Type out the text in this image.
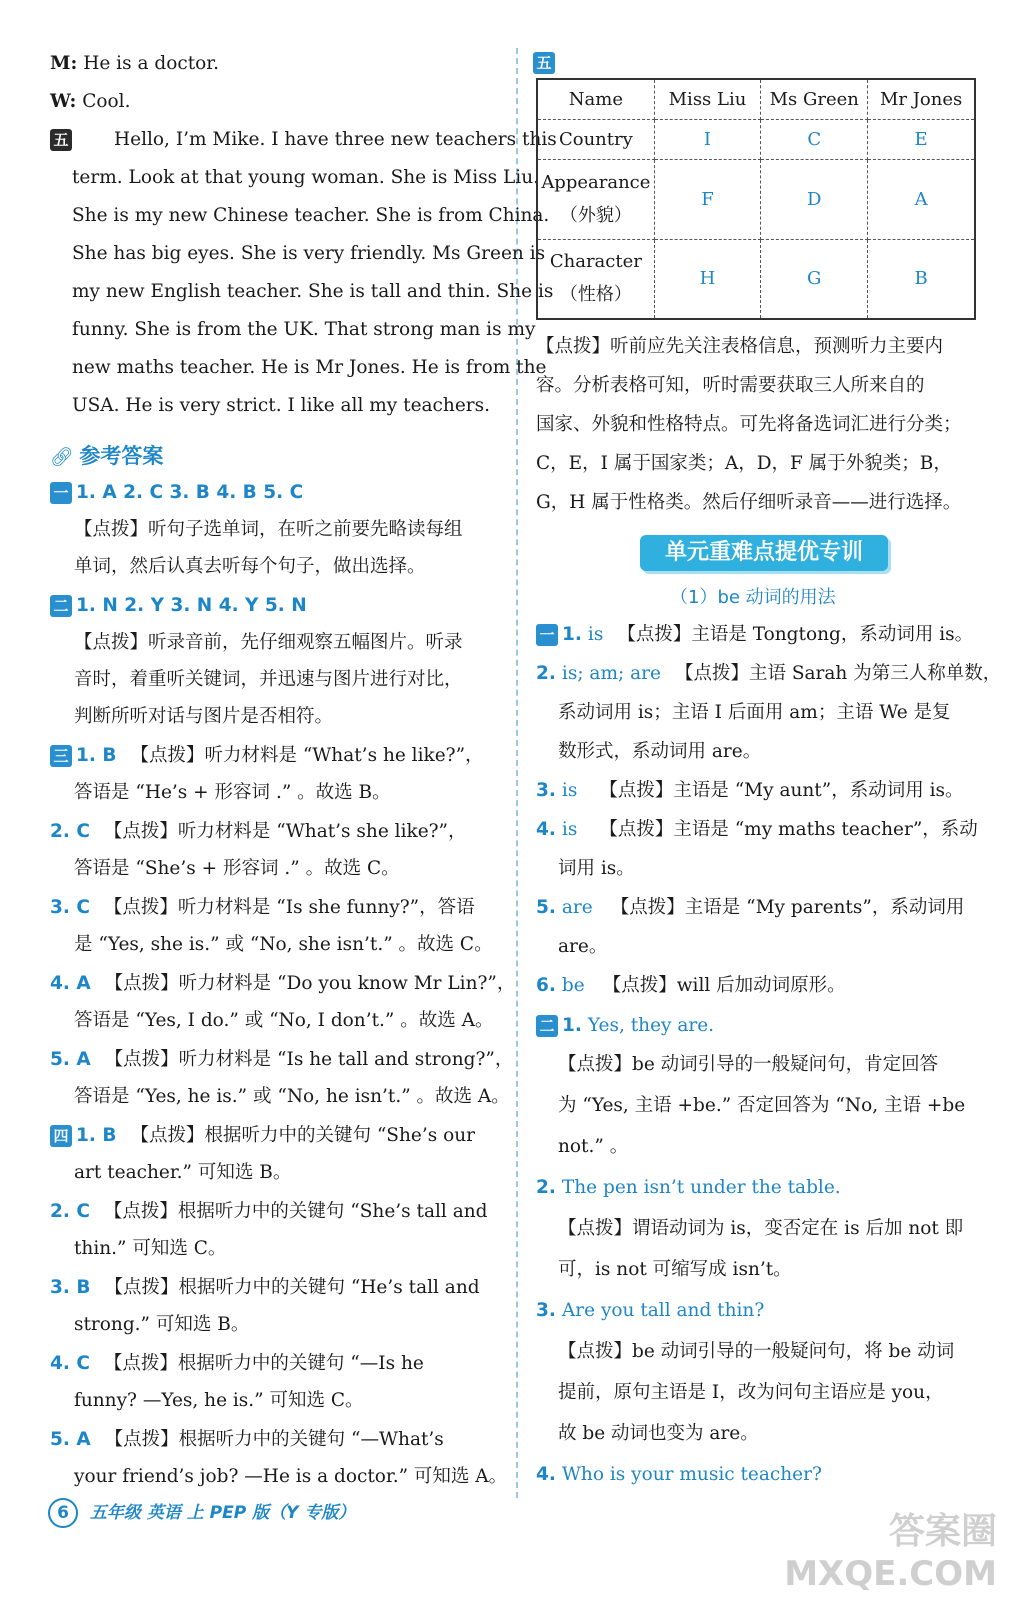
M: He is a doctor.
W: Cool.
五 Hello, I’m Mike. I have three new teachers this
term. Look at that young woman. She is Miss Liu.
She is my new Chinese teacher. She is from China.
She has big eyes. She is very friendly. Ms Green is
my new English teacher. She is tall and thin. She is
funny. She is from the UK. That strong man is my
new maths teacher. He is Mr Jones. He is from the
USA. He is very strict. I like all my teachers.
🔗︎ 参考答案
一 1. A 2. C 3. B 4. B 5. C
【点拨】听句子选单词，在听之前要先略读每组
单词，然后认真去听每个句子，做出选择。
二 1. N 2. Y 3. N 4. Y 5. N
【点拨】听录音前，先仔细观察五幅图片。听录
音时，着重听关键词，并迅速与图片进行对比，
判断所听对话与图片是否相符。
三 1. B 【点拨】听力材料是 “What’s he like?”，
答语是 “He’s + 形容词 .” 。故选 B。
2. C 【点拨】听力材料是 “What’s she like?”，
答语是 “She’s + 形容词 .” 。故选 C。
3. C 【点拨】听力材料是 “Is she funny?”，答语
是 “Yes, she is.” 或 “No, she isn’t.” 。故选 C。
4. A 【点拨】听力材料是 “Do you know Mr Lin?”，
答语是 “Yes, I do.” 或 “No, I don’t.” 。故选 A。
5. A 【点拨】听力材料是 “Is he tall and strong?”，
答语是 “Yes, he is.” 或 “No, he isn’t.” 。故选 A。
四 1. B 【点拨】根据听力中的关键句 “She’s our
art teacher.” 可知选 B。
2. C 【点拨】根据听力中的关键句 “She’s tall and
thin.” 可知选 C。
3. B 【点拨】根据听力中的关键句 “He’s tall and
strong.” 可知选 B。
4. C 【点拨】根据听力中的关键句 “—Is he
funny? —Yes, he is.” 可知选 C。
5. A 【点拨】根据听力中的关键句 “—What’s
your friend’s job? —He is a doctor.” 可知选 A。
五
Name	Miss Liu	Ms Green	Mr Jones
Country	I	C	E

Appearance
（外貌）	F	D	A

Character
（性格）	H	G	B
【点拨】听前应先关注表格信息，预测听力主要内
容。分析表格可知，听时需要获取三人所来自的
国家、外貌和性格特点。可先将备选词汇进行分类；
C，E，I 属于国家类；A，D，F 属于外貌类；B，
G，H 属于性格类。然后仔细听录音——进行选择。
单元重难点提优专训
（1）be 动词的用法
一 1. is 【点拨】主语是 Tongtong，系动词用 is。
2. is; am; are 【点拨】主语 Sarah 为第三人称单数，
系动词用 is；主语 I 后面用 am；主语 We 是复
数形式，系动词用 are。
3. is 【点拨】主语是 “My aunt”，系动词用 is。
4. is 【点拨】主语是 “my maths teacher”，系动
词用 is。
5. are 【点拨】主语是 “My parents”，系动词用
are。
6. be 【点拨】will 后加动词原形。
二 1. Yes, they are.
【点拨】be 动词引导的一般疑问句，肯定回答
为 “Yes, 主语 +be.” 否定回答为 “No, 主语 +be
not.” 。
2. The pen isn’t under the table.
【点拨】谓语动词为 is，变否定在 is 后加 not 即
可，is not 可缩写成 isn’t。
3. Are you tall and thin?
【点拨】be 动词引导的一般疑问句，将 be 动词
提前，原句主语是 I，改为问句主语应是 you，
故 be 动词也变为 are。
4. Who is your music teacher?
6 五年级 英语 上 PEP 版（Y 专版）	答案圈
MXQE.COM
